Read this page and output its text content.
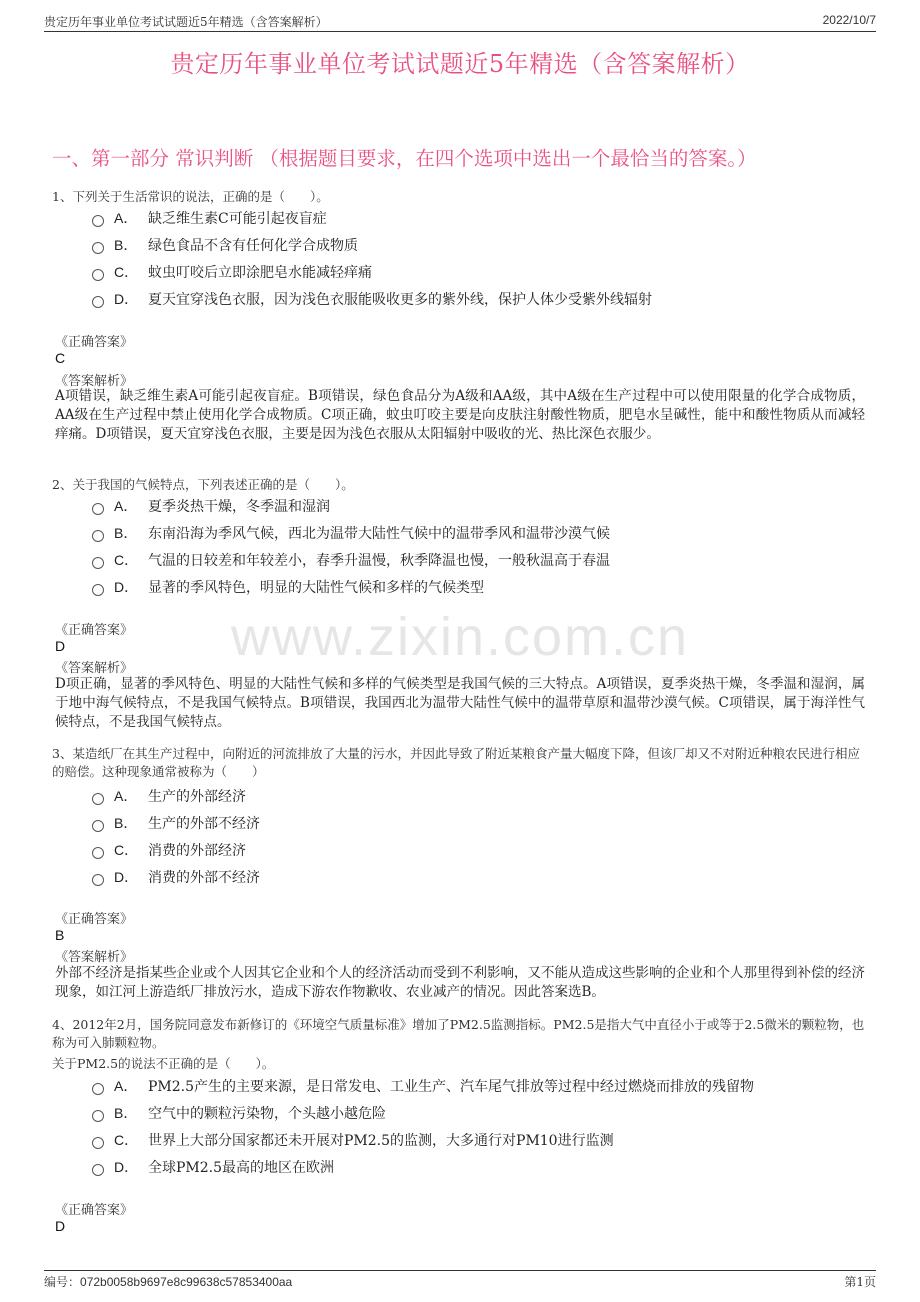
贵定历年事业单位考试试题近5年精选（含答案解析）	2022/10/7
贵定历年事业单位考试试题近5年精选（含答案解析）
一、第一部分 常识判断 （根据题目要求，在四个选项中选出一个最恰当的答案。）
www.zixin.com.cn
1、下列关于生活常识的说法，正确的是（　　）。
A． 缺乏维生素C可能引起夜盲症
B． 绿色食品不含有任何化学合成物质
C． 蚊虫叮咬后立即涂肥皂水能减轻痒痛
D． 夏天宜穿浅色衣服，因为浅色衣服能吸收更多的紫外线，保护人体少受紫外线辐射
《正确答案》
C
《答案解析》
A项错误，缺乏维生素A可能引起夜盲症。B项错误，绿色食品分为A级和AA级，其中A级在生产过程中可以使用限量的化学合成物质，AA级在生产过程中禁止使用化学合成物质。C项正确，蚊虫叮咬主要是向皮肤注射酸性物质，肥皂水呈碱性，能中和酸性物质从而减轻痒痛。D项错误，夏天宜穿浅色衣服，主要是因为浅色衣服从太阳辐射中吸收的光、热比深色衣服少。
2、关于我国的气候特点，下列表述正确的是（　　）。
A． 夏季炎热干燥，冬季温和湿润
B． 东南沿海为季风气候，西北为温带大陆性气候中的温带季风和温带沙漠气候
C． 气温的日较差和年较差小，春季升温慢，秋季降温也慢，一般秋温高于春温
D． 显著的季风特色，明显的大陆性气候和多样的气候类型
《正确答案》
D
《答案解析》
D项正确，显著的季风特色、明显的大陆性气候和多样的气候类型是我国气候的三大特点。A项错误，夏季炎热干燥，冬季温和湿润，属于地中海气候特点，不是我国气候特点。B项错误，我国西北为温带大陆性气候中的温带草原和温带沙漠气候。C项错误，属于海洋性气候特点，不是我国气候特点。
3、某造纸厂在其生产过程中，向附近的河流排放了大量的污水，并因此导致了附近某粮食产量大幅度下降，但该厂却又不对附近种粮农民进行相应的赔偿。这种现象通常被称为（　　）
A． 生产的外部经济
B． 生产的外部不经济
C． 消费的外部经济
D． 消费的外部不经济
《正确答案》
B
《答案解析》
外部不经济是指某些企业或个人因其它企业和个人的经济活动而受到不利影响，又不能从造成这些影响的企业和个人那里得到补偿的经济现象，如江河上游造纸厂排放污水，造成下游农作物歉收、农业减产的情况。因此答案选B。
4、2012年2月，国务院同意发布新修订的《环境空气质量标准》增加了PM2.5监测指标。PM2.5是指大气中直径小于或等于2.5微米的颗粒物，也称为可入肺颗粒物。
关于PM2.5的说法不正确的是（　　）。
A． PM2.5产生的主要来源，是日常发电、工业生产、汽车尾气排放等过程中经过燃烧而排放的残留物
B． 空气中的颗粒污染物，个头越小越危险
C． 世界上大部分国家都还未开展对PM2.5的监测，大多通行对PM10进行监测
D． 全球PM2.5最高的地区在欧洲
《正确答案》
D
编号：072b0058b9697e8c99638c57853400aa	第1页
